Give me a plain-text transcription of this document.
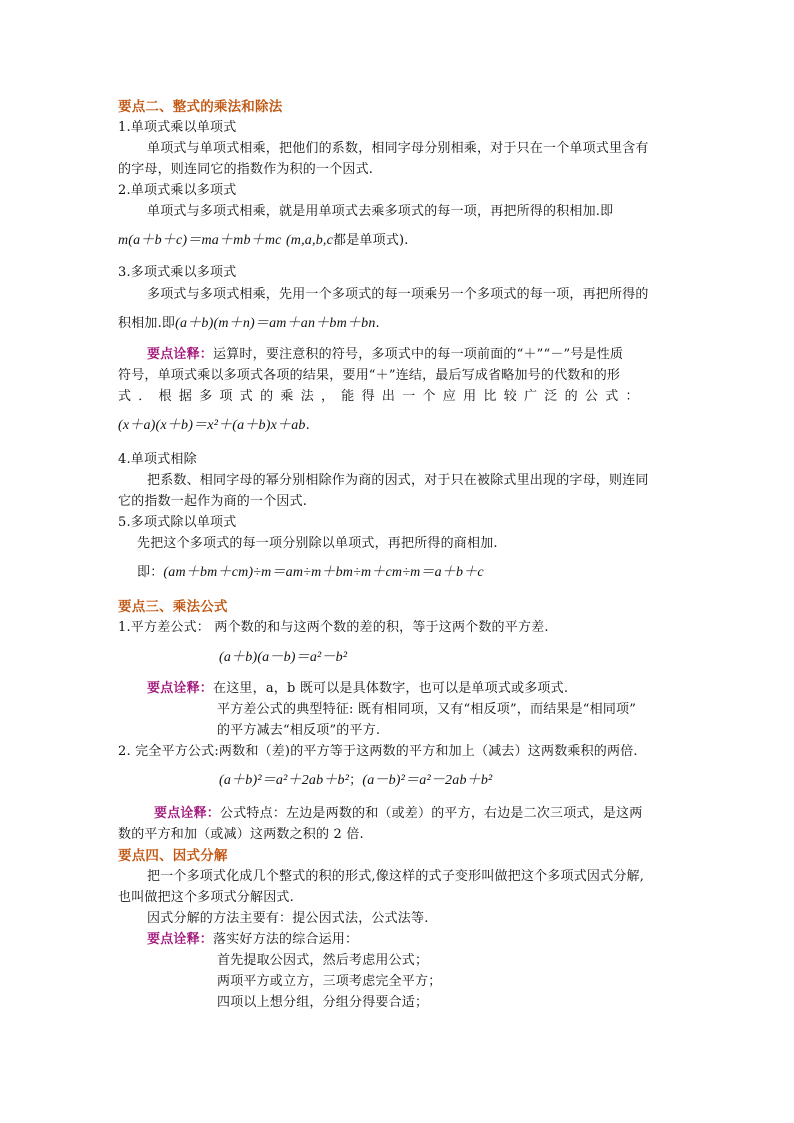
要点二、整式的乘法和除法
1.单项式乘以单项式
单项式与单项式相乘，把他们的系数，相同字母分别相乘，对于只在一个单项式里含有
的字母，则连同它的指数作为积的一个因式.
2.单项式乘以多项式
单项式与多项式相乘，就是用单项式去乘多项式的每一项，再把所得的积相加.即
m(a＋b＋c)＝ma＋mb＋mc (m,a,b,c都是单项式).
3.多项式乘以多项式
多项式与多项式相乘，先用一个多项式的每一项乘另一个多项式的每一项，再把所得的
积相加.即(a＋b)(m＋n)＝am＋an＋bm＋bn.
要点诠释：运算时，要注意积的符号，多项式中的每一项前面的“＋”“－”号是性质
符号，单项式乘以多项式各项的结果，要用“＋”连结，最后写成省略加号的代数和的形
式．根据多项式的乘法，能得出一个应用比较广泛的公式：
(x＋a)(x＋b)＝x²＋(a＋b)x＋ab.
4.单项式相除
把系数、相同字母的幂分别相除作为商的因式，对于只在被除式里出现的字母，则连同
它的指数一起作为商的一个因式.
5.多项式除以单项式
先把这个多项式的每一项分别除以单项式，再把所得的商相加.
即：(am＋bm＋cm)÷m＝am÷m＋bm÷m＋cm÷m＝a＋b＋c
要点三、乘法公式
1.平方差公式： 两个数的和与这两个数的差的积，等于这两个数的平方差.
(a＋b)(a－b)＝a²－b²
要点诠释：在这里，a，b 既可以是具体数字，也可以是单项式或多项式.
平方差公式的典型特征: 既有相同项，又有“相反项”，而结果是“相同项”
的平方减去“相反项”的平方.
2. 完全平方公式:两数和（差)的平方等于这两数的平方和加上（减去）这两数乘积的两倍.
(a＋b)²＝a²＋2ab＋b²；(a－b)²＝a²－2ab＋b²
要点诠释：公式特点：左边是两数的和（或差）的平方，右边是二次三项式，是这两
数的平方和加（或减）这两数之积的 2 倍.
要点四、因式分解
把一个多项式化成几个整式的积的形式,像这样的式子变形叫做把这个多项式因式分解,
也叫做把这个多项式分解因式.
因式分解的方法主要有：提公因式法，公式法等.
要点诠释：落实好方法的综合运用：
首先提取公因式，然后考虑用公式；
两项平方或立方，三项考虑完全平方；
四项以上想分组，分组分得要合适；
